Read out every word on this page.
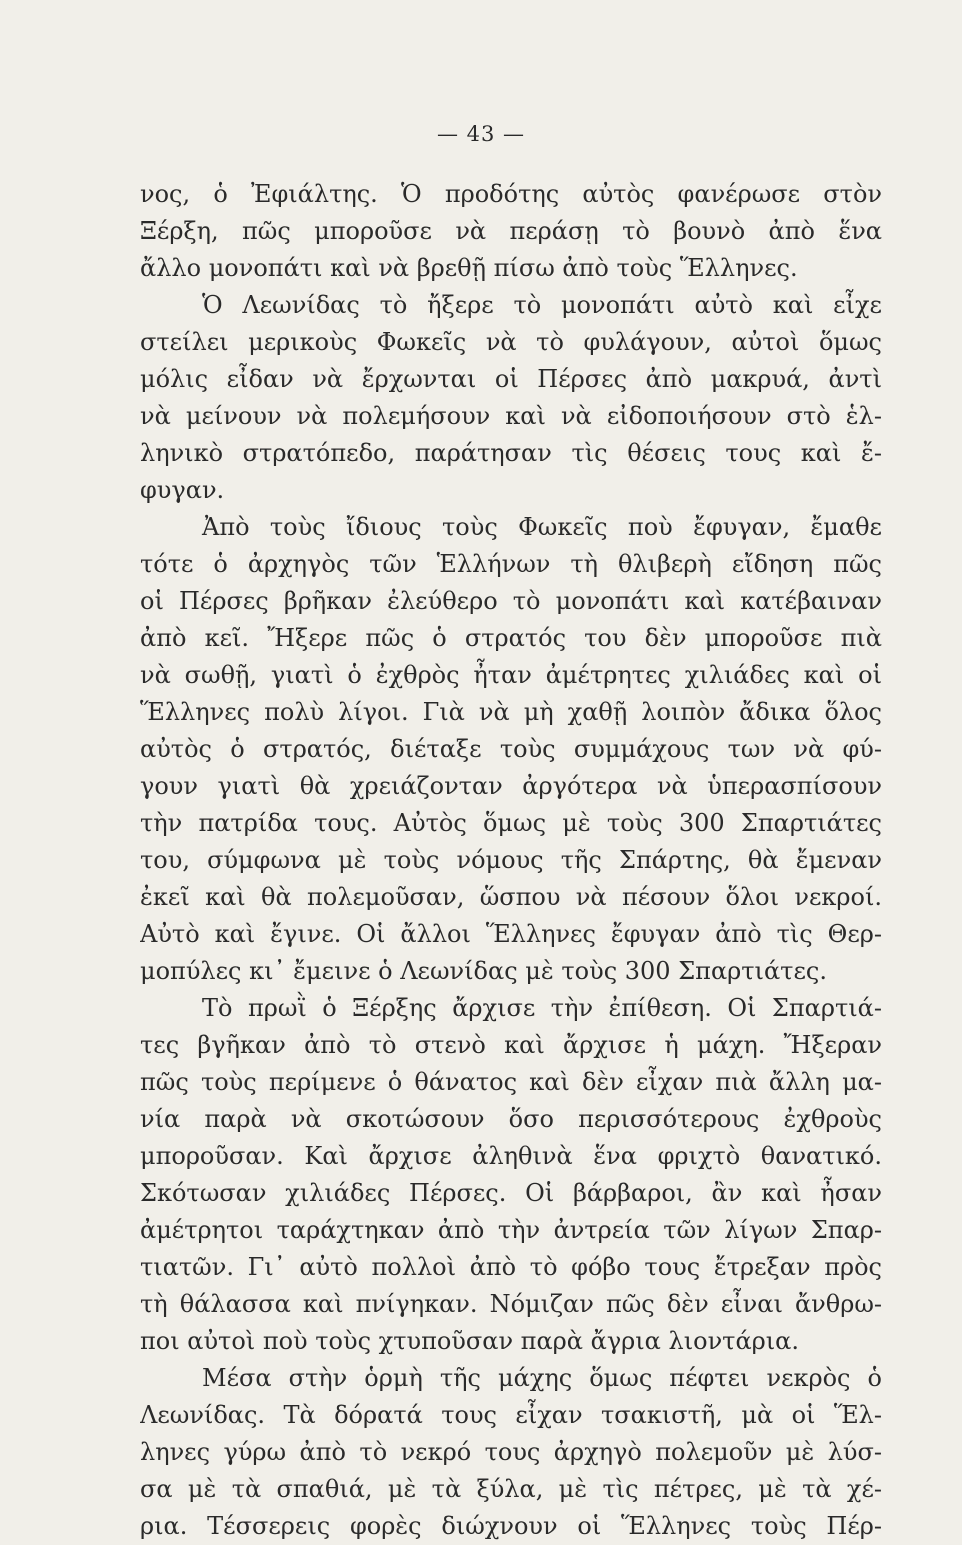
— 43 —
νος, ὁ Ἐφιάλτης. Ὁ προδότης αὐτὸς φανέρωσε στὸν
Ξέρξη, πῶς μποροῦσε νὰ περάσῃ τὸ βουνὸ ἀπὸ ἕνα
ἄλλο μονοπάτι καὶ νὰ βρεθῇ πίσω ἀπὸ τοὺς Ἕλληνες.
Ὁ Λεωνίδας τὸ ἤξερε τὸ μονοπάτι αὐτὸ καὶ εἶχε
στείλει μερικοὺς Φωκεῖς νὰ τὸ φυλάγουν, αὐτοὶ ὅμως
μόλις εἶδαν νὰ ἔρχωνται οἱ Πέρσες ἀπὸ μακρυά, ἀντὶ
νὰ μείνουν νὰ πολεμήσουν καὶ νὰ εἰδοποιήσουν στὸ ἑλ-
ληνικὸ στρατόπεδο, παράτησαν τὶς θέσεις τους καὶ ἔ-
φυγαν.
Ἀπὸ τοὺς ἴδιους τοὺς Φωκεῖς ποὺ ἔφυγαν, ἔμαθε
τότε ὁ ἀρχηγὸς τῶν Ἑλλήνων τὴ θλιβερὴ εἴδηση πῶς
οἱ Πέρσες βρῆκαν ἐλεύθερο τὸ μονοπάτι καὶ κατέβαιναν
ἀπὸ κεῖ. Ἤξερε πῶς ὁ στρατός του δὲν μποροῦσε πιὰ
νὰ σωθῇ, γιατὶ ὁ ἐχθρὸς ἦταν ἀμέτρητες χιλιάδες καὶ οἱ
Ἕλληνες πολὺ λίγοι. Γιὰ νὰ μὴ χαθῇ λοιπὸν ἄδικα ὅλος
αὐτὸς ὁ στρατός, διέταξε τοὺς συμμάχους των νὰ φύ-
γουν γιατὶ θὰ χρειάζονταν ἀργότερα νὰ ὑπερασπίσουν
τὴν πατρίδα τους. Αὐτὸς ὅμως μὲ τοὺς 300 Σπαρτιάτες
του, σύμφωνα μὲ τοὺς νόμους τῆς Σπάρτης, θὰ ἔμεναν
ἐκεῖ καὶ θὰ πολεμοῦσαν, ὥσπου νὰ πέσουν ὅλοι νεκροί.
Αὐτὸ καὶ ἔγινε. Οἱ ἄλλοι Ἕλληνες ἔφυγαν ἀπὸ τὶς Θερ-
μοπύλες κι᾽ ἔμεινε ὁ Λεωνίδας μὲ τοὺς 300 Σπαρτιάτες.
Τὸ πρωῒ ὁ Ξέρξης ἄρχισε τὴν ἐπίθεση. Οἱ Σπαρτιά-
τες βγῆκαν ἀπὸ τὸ στενὸ καὶ ἄρχισε ἡ μάχη. Ἤξεραν
πῶς τοὺς περίμενε ὁ θάνατος καὶ δὲν εἶχαν πιὰ ἄλλη μα-
νία παρὰ νὰ σκοτώσουν ὅσο περισσότερους ἐχθροὺς
μποροῦσαν. Καὶ ἄρχισε ἀληθινὰ ἕνα φριχτὸ θανατικό.
Σκότωσαν χιλιάδες Πέρσες. Οἱ βάρβαροι, ἂν καὶ ἦσαν
ἀμέτρητοι ταράχτηκαν ἀπὸ τὴν ἀντρεία τῶν λίγων Σπαρ-
τιατῶν. Γι᾽ αὐτὸ πολλοὶ ἀπὸ τὸ φόβο τους ἔτρεξαν πρὸς
τὴ θάλασσα καὶ πνίγηκαν. Νόμιζαν πῶς δὲν εἶναι ἄνθρω-
ποι αὐτοὶ ποὺ τοὺς χτυποῦσαν παρὰ ἄγρια λιοντάρια.
Μέσα στὴν ὁρμὴ τῆς μάχης ὅμως πέφτει νεκρὸς ὁ
Λεωνίδας. Τὰ δόρατά τους εἶχαν τσακιστῆ, μὰ οἱ Ἕλ-
ληνες γύρω ἀπὸ τὸ νεκρό τους ἀρχηγὸ πολεμοῦν μὲ λύσ-
σα μὲ τὰ σπαθιά, μὲ τὰ ξύλα, μὲ τὶς πέτρες, μὲ τὰ χέ-
ρια. Τέσσερεις φορὲς διώχνουν οἱ Ἕλληνες τοὺς Πέρ-
